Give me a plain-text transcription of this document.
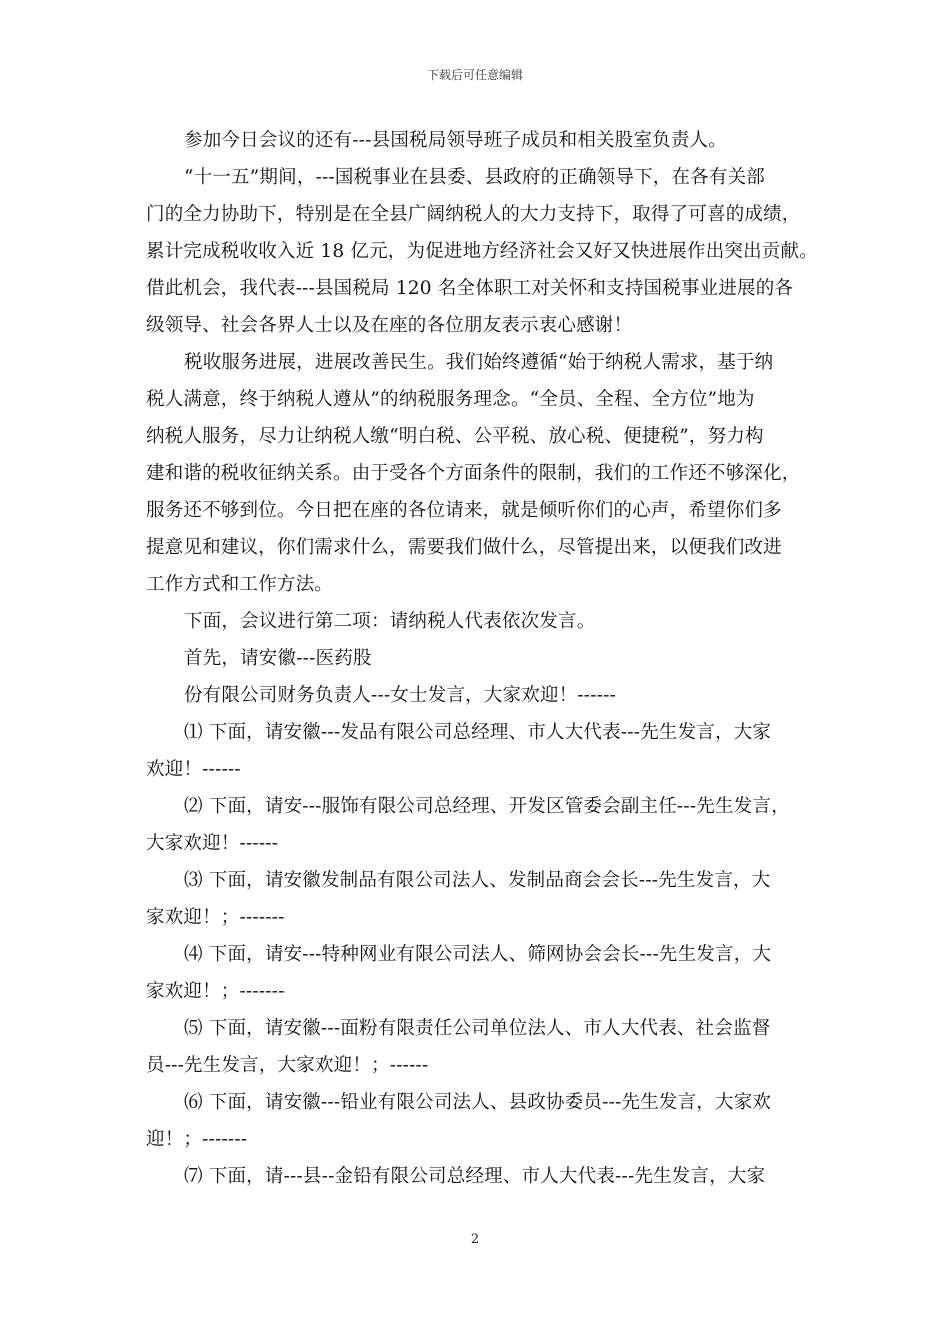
下载后可任意编辑
参加今日会议的还有---县国税局领导班子成员和相关股室负责人。
“十一五”期间，---国税事业在县委、县政府的正确领导下，在各有关部
门的全力协助下，特别是在全县广阔纳税人的大力支持下，取得了可喜的成绩，
累计完成税收收入近 18 亿元，为促进地方经济社会又好又快进展作出突出贡献。
借此机会，我代表---县国税局 120 名全体职工对关怀和支持国税事业进展的各
级领导、社会各界人士以及在座的各位朋友表示衷心感谢！
税收服务进展，进展改善民生。我们始终遵循“始于纳税人需求，基于纳
税人满意，终于纳税人遵从”的纳税服务理念。“全员、全程、全方位”地为
纳税人服务，尽力让纳税人缴“明白税、公平税、放心税、便捷税”，努力构
建和谐的税收征纳关系。由于受各个方面条件的限制，我们的工作还不够深化，
服务还不够到位。今日把在座的各位请来，就是倾听你们的心声，希望你们多
提意见和建议，你们需求什么，需要我们做什么，尽管提出来，以便我们改进
工作方式和工作方法。
下面，会议进行第二项：请纳税人代表依次发言。
首先，请安徽---医药股
份有限公司财务负责人---女士发言，大家欢迎！------
⑴ 下面，请安徽---发品有限公司总经理、市人大代表---先生发言，大家
欢迎！------
⑵ 下面，请安---服饰有限公司总经理、开发区管委会副主任---先生发言，
大家欢迎！------
⑶ 下面，请安徽发制品有限公司法人、发制品商会会长---先生发言，大
家欢迎！；-------
⑷ 下面，请安---特种网业有限公司法人、筛网协会会长---先生发言，大
家欢迎！；-------
⑸ 下面，请安徽---面粉有限责任公司单位法人、市人大代表、社会监督
员---先生发言，大家欢迎！；------
⑹ 下面，请安徽---铅业有限公司法人、县政协委员---先生发言，大家欢
迎！；-------
⑺ 下面，请---县--金铅有限公司总经理、市人大代表---先生发言，大家
2
